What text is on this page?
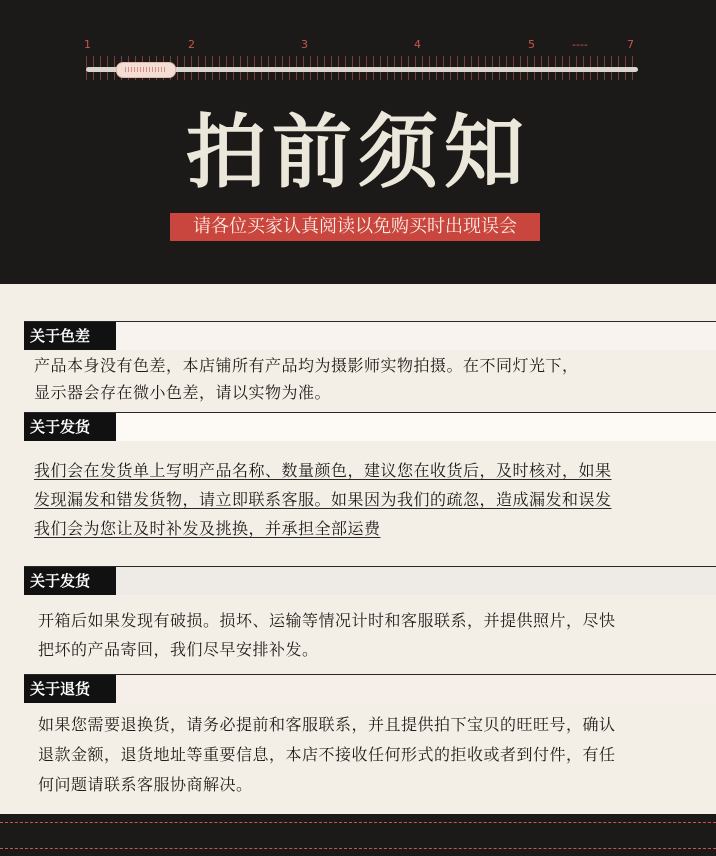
1	2	3	4	5	----	7
拍前须知
请各位买家认真阅读以免购买时出现误会
关于色差
产品本身没有色差，本店铺所有产品均为摄影师实物拍摄。在不同灯光下，
显示器会存在微小色差，请以实物为准。
关于发货
我们会在发货单上写明产品名称、数量颜色，建议您在收货后，及时核对，如果
发现漏发和错发货物，请立即联系客服。如果因为我们的疏忽，造成漏发和误发
我们会为您让及时补发及挑换，并承担全部运费
关于发货
开箱后如果发现有破损。损坏、运输等情况计时和客服联系，并提供照片，尽快
把坏的产品寄回，我们尽早安排补发。
关于退货
如果您需要退换货，请务必提前和客服联系，并且提供拍下宝贝的旺旺号，确认
退款金额，退货地址等重要信息，本店不接收任何形式的拒收或者到付件，有任
何问题请联系客服协商解决。
